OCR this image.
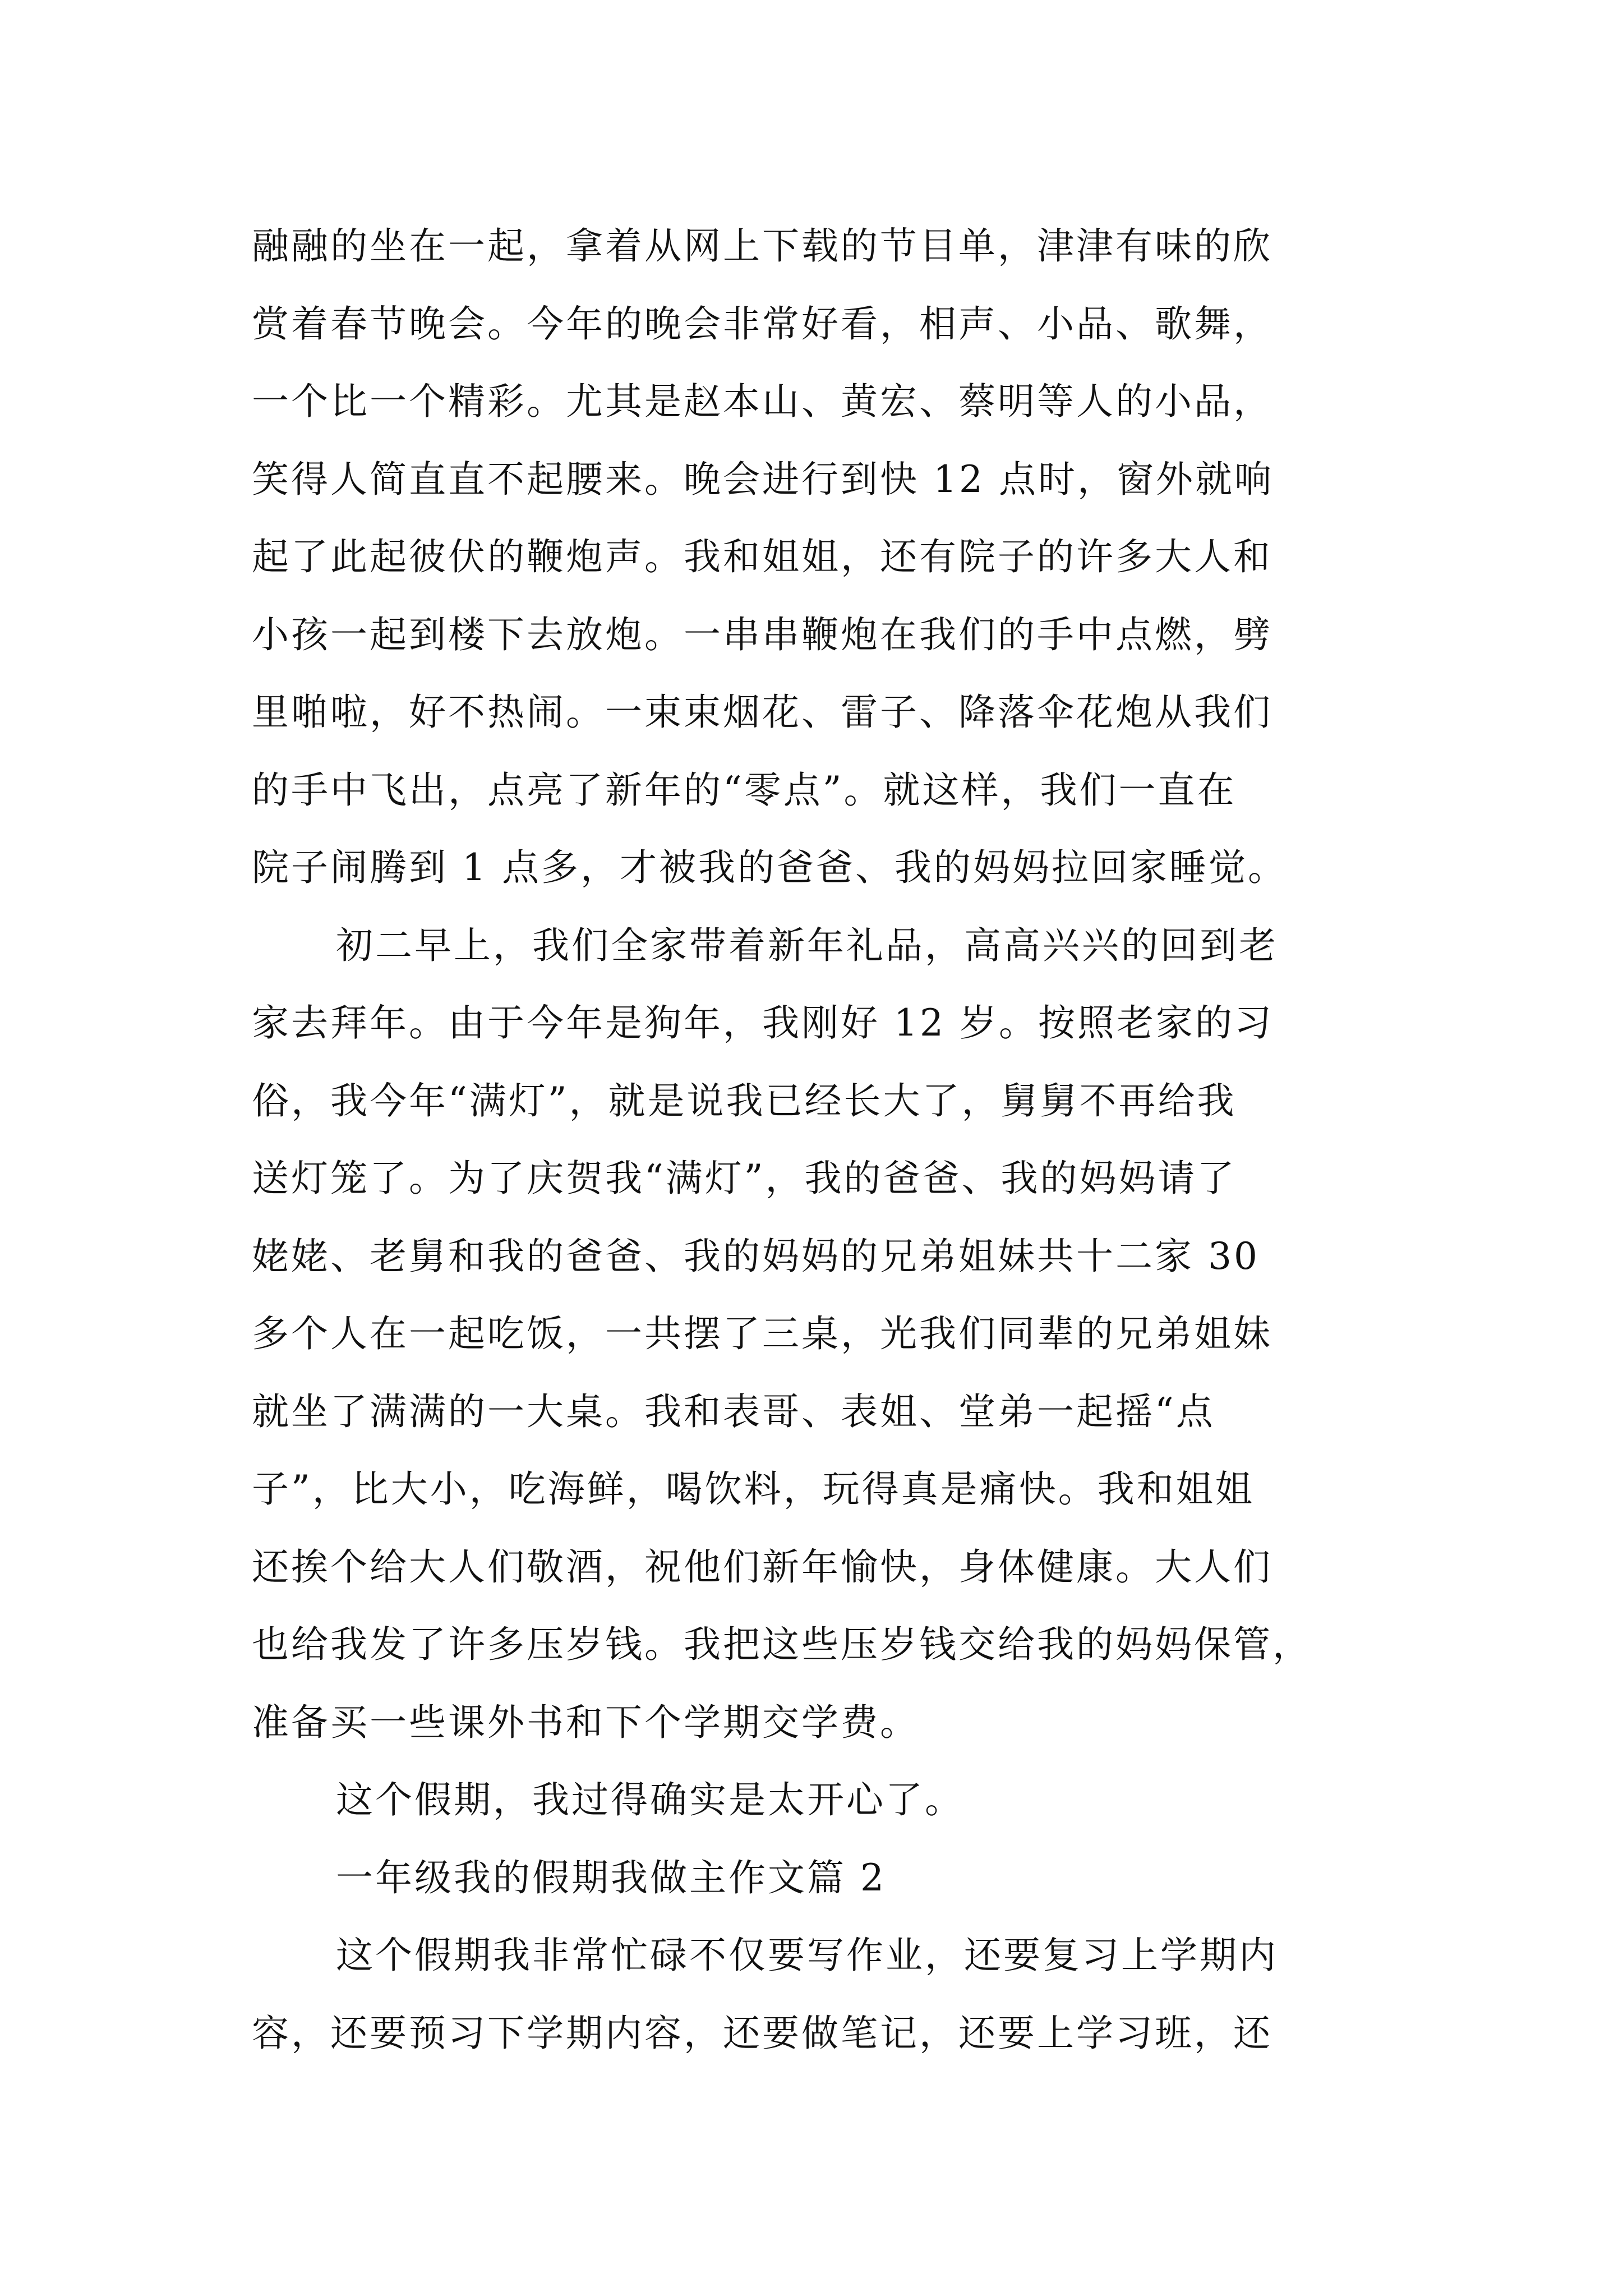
融融的坐在一起，拿着从网上下载的节目单，津津有味的欣
赏着春节晚会。今年的晚会非常好看，相声、小品、歌舞，
一个比一个精彩。尤其是赵本山、黄宏、蔡明等人的小品，
笑得人简直直不起腰来。晚会进行到快 12 点时，窗外就响
起了此起彼伏的鞭炮声。我和姐姐，还有院子的许多大人和
小孩一起到楼下去放炮。一串串鞭炮在我们的手中点燃，劈
里啪啦，好不热闹。一束束烟花、雷子、降落伞花炮从我们
的手中飞出，点亮了新年的“零点”。就这样，我们一直在
院子闹腾到 1 点多，才被我的爸爸、我的妈妈拉回家睡觉。
初二早上，我们全家带着新年礼品，高高兴兴的回到老
家去拜年。由于今年是狗年，我刚好 12 岁。按照老家的习
俗，我今年“满灯”，就是说我已经长大了，舅舅不再给我
送灯笼了。为了庆贺我“满灯”，我的爸爸、我的妈妈请了
姥姥、老舅和我的爸爸、我的妈妈的兄弟姐妹共十二家 30
多个人在一起吃饭，一共摆了三桌，光我们同辈的兄弟姐妹
就坐了满满的一大桌。我和表哥、表姐、堂弟一起摇“点
子”，比大小，吃海鲜，喝饮料，玩得真是痛快。我和姐姐
还挨个给大人们敬酒，祝他们新年愉快，身体健康。大人们
也给我发了许多压岁钱。我把这些压岁钱交给我的妈妈保管，
准备买一些课外书和下个学期交学费。
这个假期，我过得确实是太开心了。
一年级我的假期我做主作文篇 2
这个假期我非常忙碌不仅要写作业，还要复习上学期内
容，还要预习下学期内容，还要做笔记，还要上学习班，还
